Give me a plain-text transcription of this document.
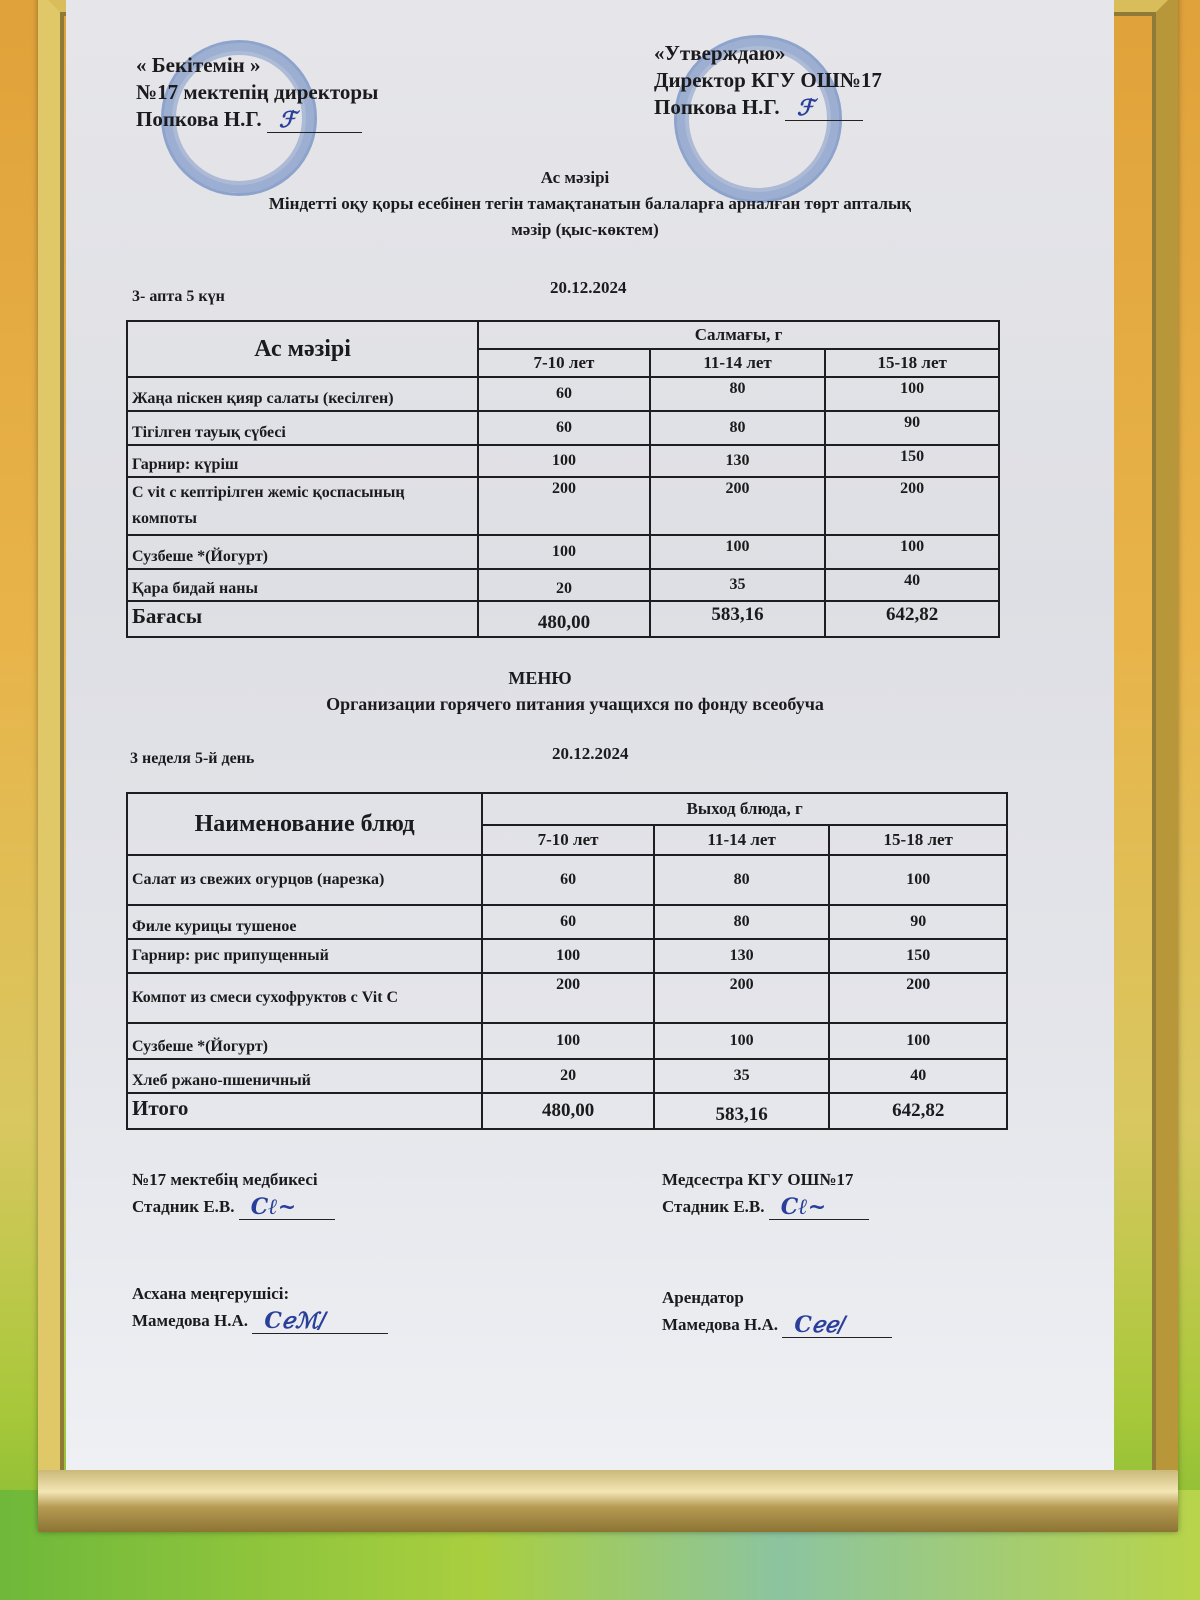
« Бекітемін »
№17 мектепің директоры
Попкова Н.Г. ℱ
«Утверждаю»
Директор КГУ ОШ№17
Попкова Н.Г. ℱ
Ас мәзірі
Міндетті оқу қоры есебінен тегін тамақтанатын балаларға арналған төрт апталық
мәзір (қыс-көктем)
3- апта 5 күн	20.12.2024
Ас мәзірі	Салмағы, г		
	7-10 лет	11-14 лет	15-18 лет
Жаңа піскен қияр салаты (кесілген)	60	80	100
Тігілген тауық сүбесі	60	80	90
Гарнир: күріш	100	130	150
C vit с кептірілген жеміс қоспасының компоты	200	200	200
Сузбеше *(Йогурт)	100	100	100
Қара бидай наны	20	35	40
Бағасы	480,00	583,16	642,82
МЕНЮ
Организации горячего питания учащихся по фонду всеобуча
3 неделя 5-й день	20.12.2024
Наименование блюд	Выход блюда, г		
	7-10 лет	11-14 лет	15-18 лет
Салат из свежих огурцов (нарезка)	60	80	100
Филе курицы тушеное	60	80	90
Гарнир: рис припущенный	100	130	150
Компот из смеси сухофруктов с Vit C	200	200	200
Сузбеше *(Йогурт)	100	100	100
Хлеб ржано-пшеничный	20	35	40
Итого	480,00	583,16	642,82
№17 мектебің медбикесі
Стадник Е.В. Cℓ~
Медсестра КГУ ОШ№17
Стадник Е.В. Cℓ~
Асхана меңгерушісі:
Мамедова Н.А. Cℯℳ/
Арендатор
Мамедова Н.А. Cℯℯ/
